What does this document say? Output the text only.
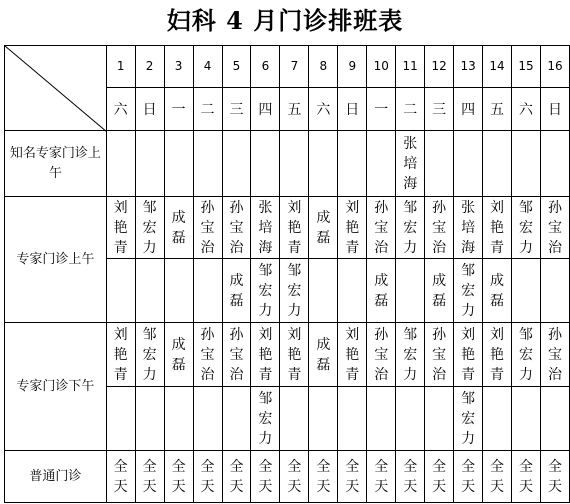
妇科 4 月门诊排班表
	1	2	3	4	5	6	7	8	9	10	11	12	13	14	15	16
	六	日	一	二	三	四	五	六	日	一	二	三	四	五	六	日
知名专家门诊上午											张培海					
专家门诊上午	刘艳青	邹宏力	成磊	孙宝治	孙宝治	张培海	刘艳青	成磊	刘艳青	孙宝治	邹宏力	孙宝治	张培海	刘艳青	邹宏力	孙宝治
					成磊	邹宏力	邹宏力			成磊		成磊	邹宏力	成磊		
专家门诊下午	刘艳青	邹宏力	成磊	孙宝治	孙宝治	刘艳青	刘艳青	成磊	刘艳青	孙宝治	邹宏力	孙宝治	刘艳青	刘艳青	邹宏力	孙宝治
						邹宏力							邹宏力			
普通门诊	全天	全天	全天	全天	全天	全天	全天	全天	全天	全天	全天	全天	全天	全天	全天	全天
